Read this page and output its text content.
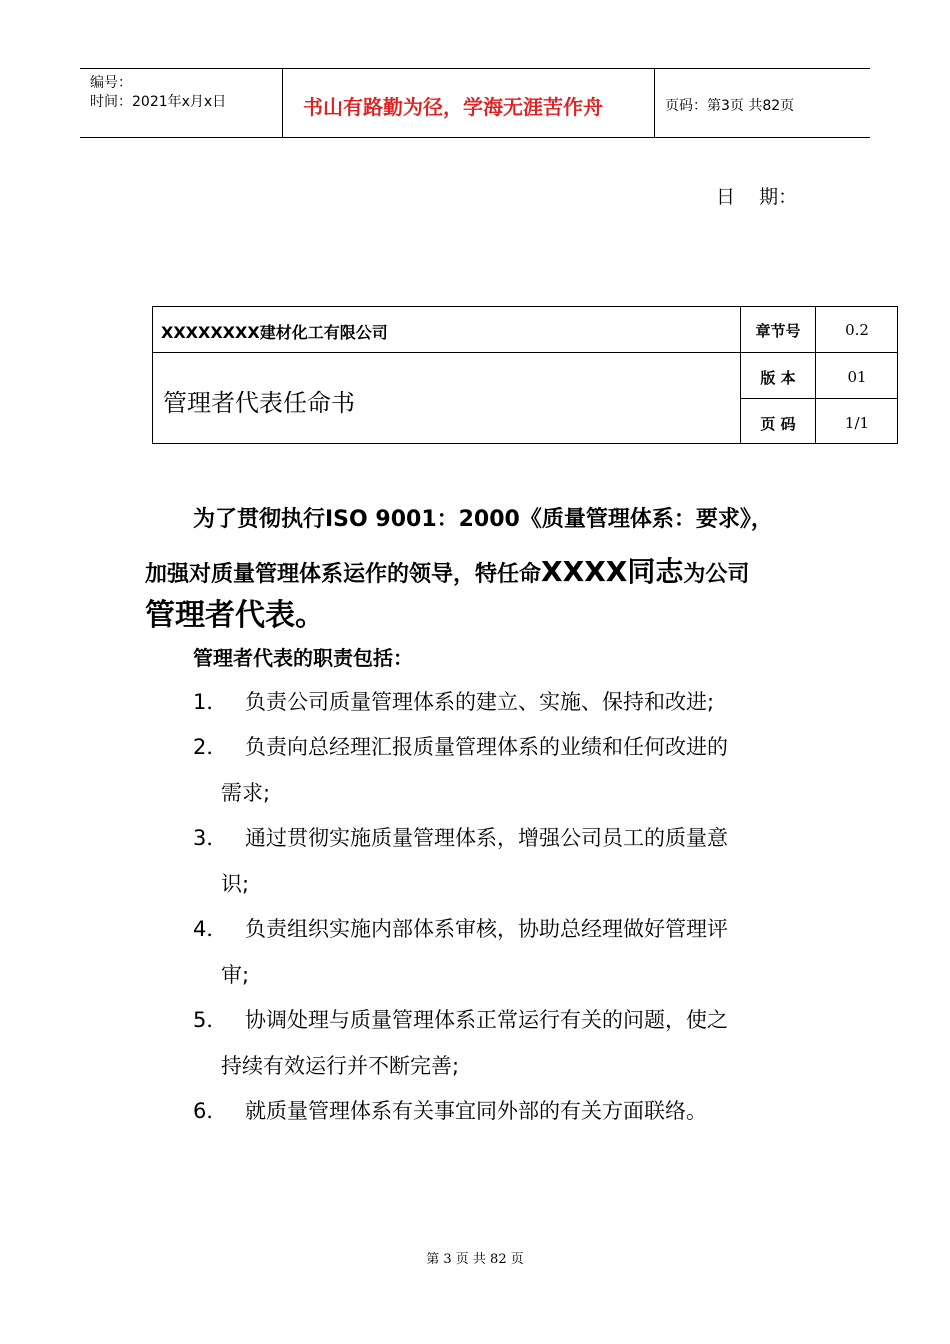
编号：
时间：2021年x月x日	书山有路勤为径，学海无涯苦作舟	页码：第3页 共82页
日    期：
XXXXXXXX建材化工有限公司
管理者代表任命书
章节号	0.2
版 本	01
页 码	1/1
为了贯彻执行ISO 9001：2000《质量管理体系：要求》，
加强对质量管理体系运作的领导，特任命XXXX同志为公司
管理者代表。
管理者代表的职责包括：
1． 负责公司质量管理体系的建立、实施、保持和改进;
2． 负责向总经理汇报质量管理体系的业绩和任何改进的
需求;
3． 通过贯彻实施质量管理体系，增强公司员工的质量意
识;
4． 负责组织实施内部体系审核，协助总经理做好管理评
审;
5． 协调处理与质量管理体系正常运行有关的问题，使之
持续有效运行并不断完善;
6． 就质量管理体系有关事宜同外部的有关方面联络。
第 3 页 共 82 页
